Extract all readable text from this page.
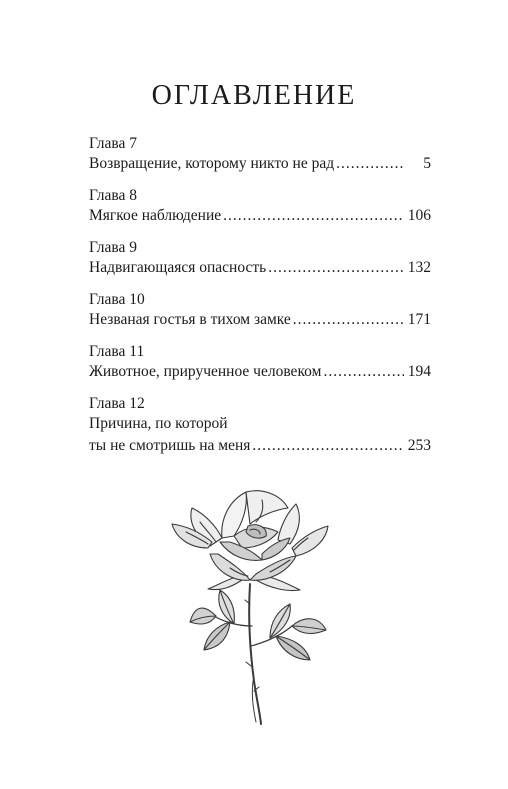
ОГЛАВЛЕНИЕ
Глава 7
Возвращение, которому никто не рад .....	5
Глава 8
Мягкое наблюдение .....	106
Глава 9
Надвигающаяся опасность .....	132
Глава 10
Незваная гостья в тихом замке .....	171
Глава 11
Животное, прирученное человеком .....	194
Глава 12
Причина, по которой
ты не смотришь на меня .....	253
